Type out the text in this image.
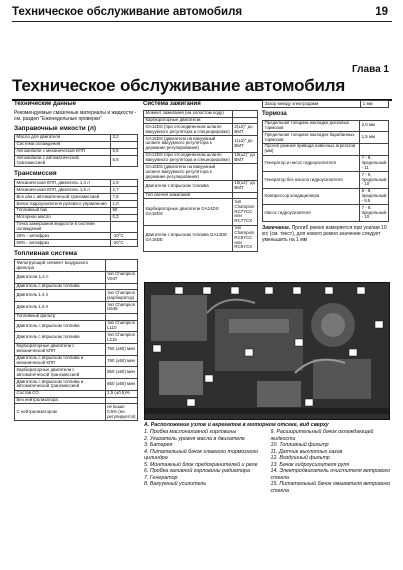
Техническое обслуживание автомобиля	19
Глава 1
Техническое обслуживание автомобиля
Технические данные
Рекомендуемые смазочные материалы и жидкости - см. раздел "Еженедельные проверки"
Заправочные емкости (л)
Масло для двигателя	3,2
Система охлаждения:	
Автомобили с механической КПП	5,5
Автомобили с автоматической трансмиссией	5,6
Трансмиссия
Механическая КПП, двигатель 1,4 л	2,9
Механическая КПП, двигатель 1,6 л	2,7
Все а/м с автоматической трансмиссией	7,8
Бачок гидроусилителя рулевого управления	1,0
Топливный бак	50
Моторное масло	0,3
Точка замерзания жидкости в системе охлаждения	
26% - антифриз	-10°C
50% - антифриз	-30°C
Топливная система
Фильтрующий элемент воздушного фильтра	
Двигатели 1,4 л	тип Champion V047
Двигатель с впрыском топлива	
Двигатель 1,4 л	тип Champion (карбюратор)
Двигатель 1,6 л	тип Champion U548
Топливный фильтр	
Двигатель с впрыском топлива	тип Champion L110
Двигатель с впрыском топлива	тип Champion L215
Карбюраторные двигатели с механической КПП	750 (±50) мин
Двигатель с впрыском топлива и механической КПП	780 (±50) мин
Карбюраторные двигатели с автоматической трансмиссией	850 (±50) мин
Двигатель с впрыском топлива и автоматической трансмиссией	850 (±50) мин
Состав СО	1,5 (±0,5)%
Без нейтрализатора	
С нейтрализатором	не выше 0,5% (не регулируется)
Система зажигания
Момент зажигания (на холостом ходу)	
Карбюраторные двигатели:	
GA14DS (при отсоединенном шланге вакуумного регулятора и спецнорировке)	2(±2)° до ВМТ
GA16DS (двигатели на вакуумный шланге вакуумного регулятора к держание регулирования)	1(±2)° до ВМТ
GA14DS (при отсоединенном шланге вакуумного регулятора и спецнорировке)	10(±2)° до ВМТ
GA16DS (двигатели на вакуумный шланге вакуумного регулятора к держание регулирования)	
Двигатели с впрыском топлива	10(±2)° до ВМТ
Тип свечей зажигания	
Карбюраторные двигатели GA14DS GA16DS	тип Champion RC7YCC или RC7YCX
Двигатели с впрыском топлива GA14DE GA16DE	тип Champion RC9YCC или RC9YCX
Зазор между электродами	1 мм
Тормоза
Предельная толщина накладки дисковых тормозов	2,0 мм
Предельная толщина накладок барабанных тормозов	1,5 мм
Прогиб ремней привода навесных агрегатов (мм)	
Генератор и насос гидроусилителя	7 - 9, предельный - 11
Генератор без насоса гидроусилителя	7 - 9, предельный - 10
Компрессор кондиционера	6 - 8, предельный - 9,5
Насос гидроусилителя	7 - 8, предельный - 10
Замечание. Прогиб ремня измеряется при усилии 10 кгс (см. текст), для нового ремня значение следует уменьшить на 1 мм
А. Расположение узлов и агрегатов в моторном отсеке, вид сверху
1. Пробка маслоналивной горловины
2. Указатель уровня масла в двигателе
3. Батарея
4. Питательный бачок главного тормозного цилиндра
5. Монтажный блок предохранителей и реле
6. Пробка заливной горловины радиатора
7. Генератор
8. Вакуумный усилитель
9. Расширительный бачок охлаждающей жидкости
10. Топливный фильтр
11. Датчик выхлопных газов
12. Воздушный фильтр
13. Бачок гидроусилителя руля
14. Электродвигатель очистителя ветрового стекла
15. Питательный бачок омывателя ветрового стекла
